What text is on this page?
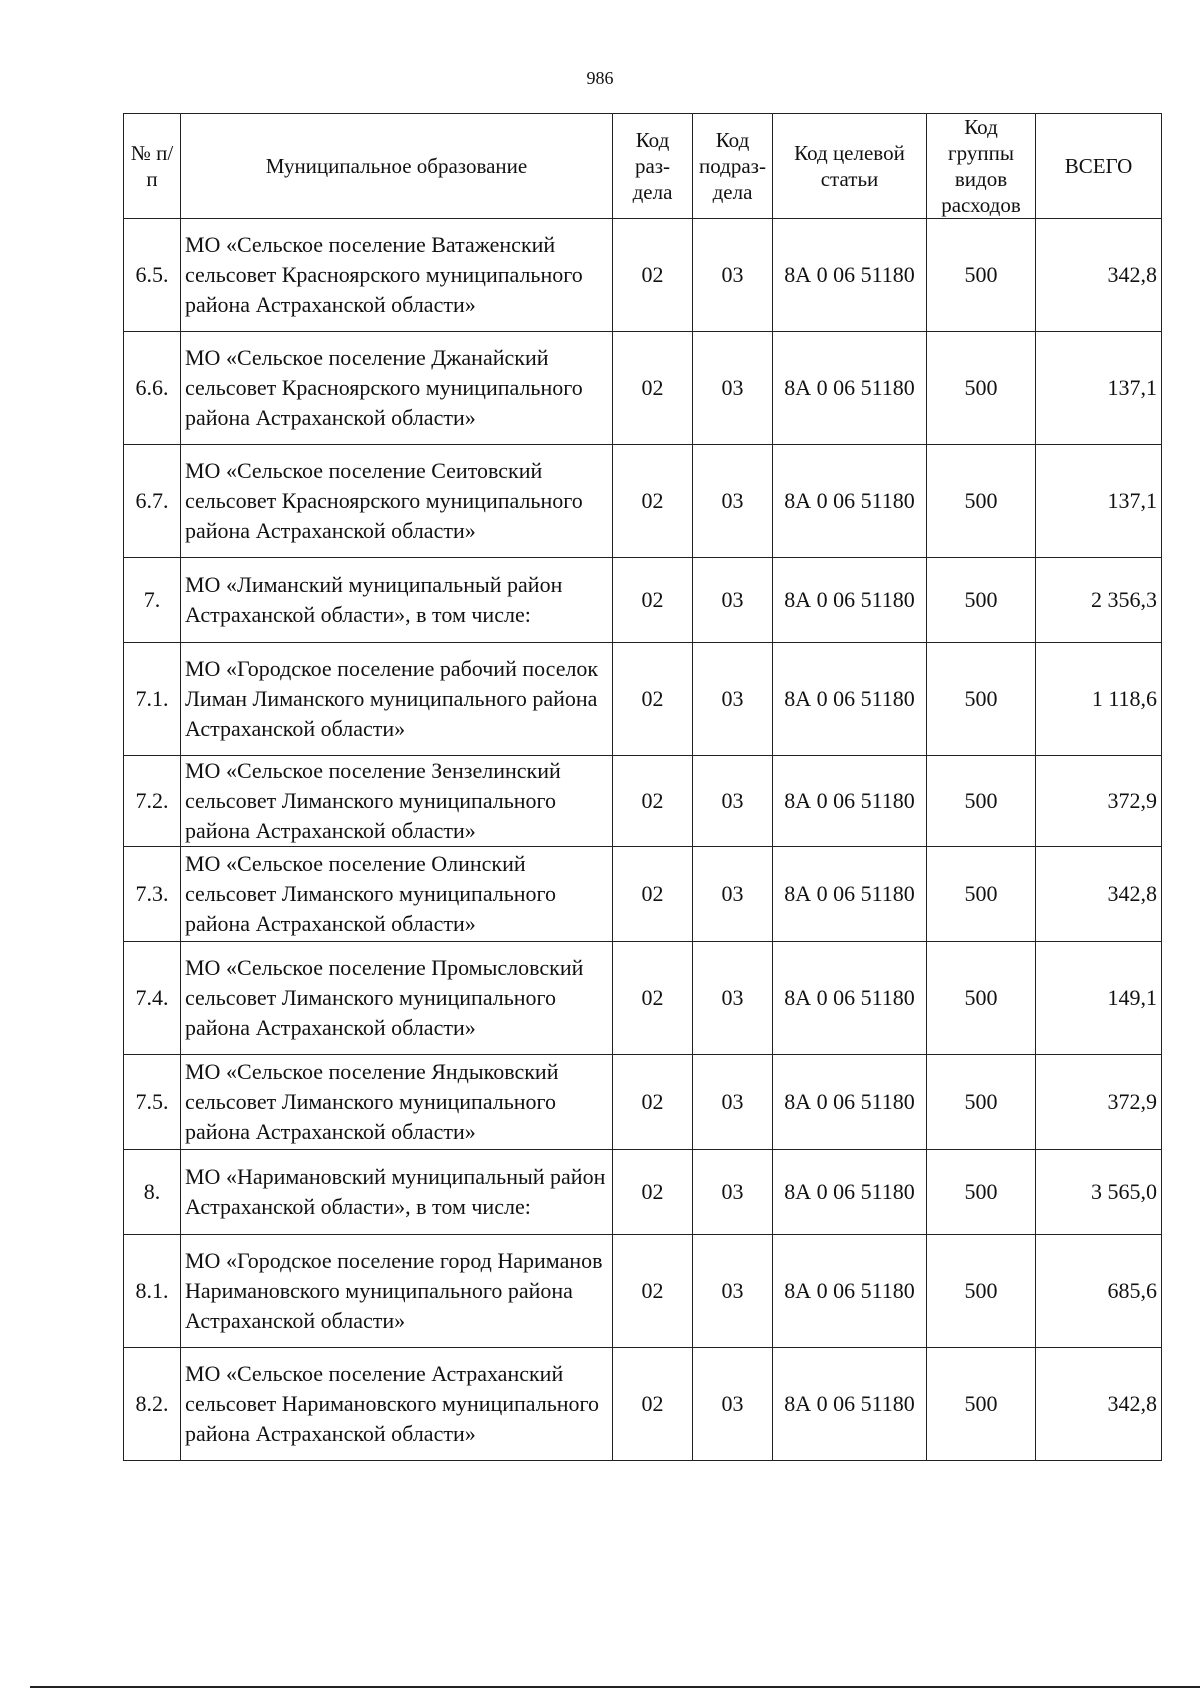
986
№ п/п	Муниципальное образование	Код раз- дела	Код подраз- дела	Код целевой статьи	Код группы видов расходов	ВСЕГО
6.5.	МО «Сельское поселение Ватаженский сельсовет Красноярского муниципального района Астраханской области»	02	03	8А 0 06 51180	500	342,8
6.6.	МО «Сельское поселение Джанайский сельсовет Красноярского муниципального района Астраханской области»	02	03	8А 0 06 51180	500	137,1
6.7.	МО «Сельское поселение Сеитовский сельсовет Красноярского муниципального района Астраханской области»	02	03	8А 0 06 51180	500	137,1
7.	МО «Лиманский муниципальный район Астраханской области», в том числе:	02	03	8А 0 06 51180	500	2 356,3
7.1.	МО «Городское поселение рабочий поселок Лиман Лиманского муниципального района Астраханской области»	02	03	8А 0 06 51180	500	1 118,6
7.2.	МО «Сельское поселение Зензелинский сельсовет Лиманского муниципального района Астраханской области»	02	03	8А 0 06 51180	500	372,9
7.3.	МО «Сельское поселение Олинский сельсовет Лиманского муниципального района Астраханской области»	02	03	8А 0 06 51180	500	342,8
7.4.	МО «Сельское поселение Промысловский сельсовет Лиманского муниципального района Астраханской области»	02	03	8А 0 06 51180	500	149,1
7.5.	МО «Сельское поселение Яндыковский сельсовет Лиманского муниципального района Астраханской области»	02	03	8А 0 06 51180	500	372,9
8.	МО «Наримановский муниципальный район Астраханской области», в том числе:	02	03	8А 0 06 51180	500	3 565,0
8.1.	МО «Городское поселение город Нариманов Наримановского муниципального района Астраханской области»	02	03	8А 0 06 51180	500	685,6
8.2.	МО «Сельское поселение Астраханский сельсовет Наримановского муниципального района Астраханской области»	02	03	8А 0 06 51180	500	342,8
